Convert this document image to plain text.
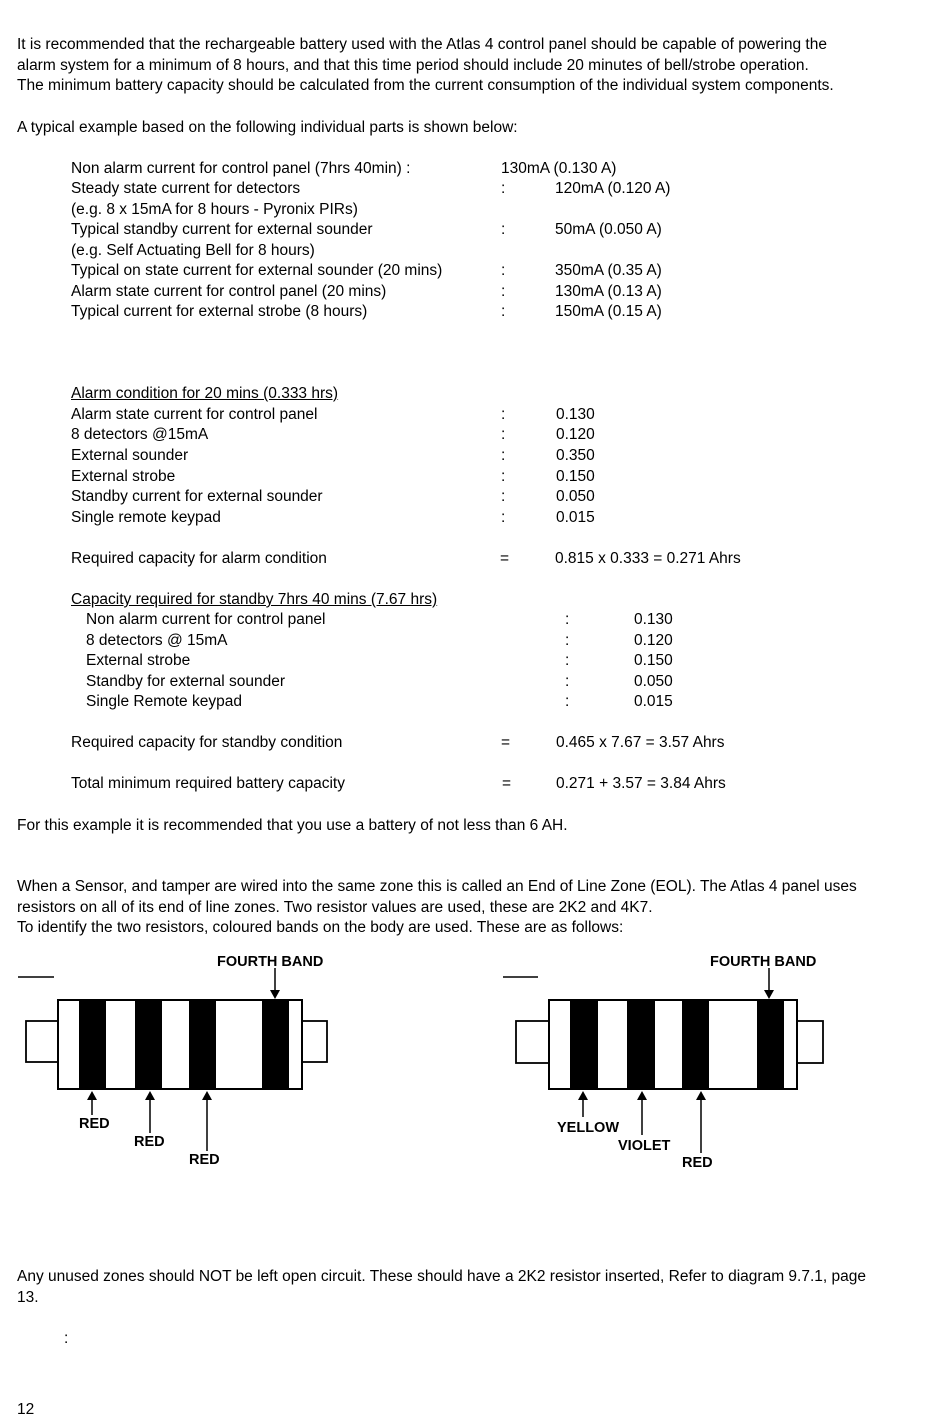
It is recommended that the rechargeable battery used with the Atlas 4 control panel should be capable of powering the
alarm system for a minimum of 8 hours, and that this time period should include 20 minutes of bell/strobe operation.
The minimum battery capacity should be calculated from the current consumption of the individual system components.
A typical example based on the following individual parts is shown below:
Non alarm current for control panel (7hrs 40min) :	130mA (0.130 A)
Steady state current for detectors	:	120mA (0.120 A)
(e.g. 8 x 15mA for 8 hours - Pyronix PIRs)
Typical standby current for external sounder	:	50mA (0.050 A)
(e.g. Self Actuating Bell for 8 hours)
Typical on state current for external sounder (20 mins)	:	350mA (0.35 A)
Alarm state current for control panel (20 mins)	:	130mA (0.13 A)
Typical current for external strobe (8 hours)	:	150mA (0.15 A)
Alarm condition for 20 mins (0.333 hrs)
Alarm state current for control panel	:	0.130
8 detectors @15mA	:	0.120
External sounder	:	0.350
External strobe	:	0.150
Standby current for external sounder	:	0.050
Single remote keypad	:	0.015
Required capacity for alarm condition	=	0.815 x 0.333 = 0.271 Ahrs
Capacity required for standby 7hrs 40 mins (7.67 hrs)
Non alarm current for control panel	:	0.130
8 detectors @ 15mA	:	0.120
External strobe	:	0.150
Standby for external sounder	:	0.050
Single Remote keypad	:	0.015
Required capacity for standby condition	=	0.465 x 7.67 = 3.57 Ahrs
Total minimum required battery capacity	=	0.271 + 3.57 = 3.84 Ahrs
For this example it is recommended that you use a battery of not less than 6 AH.
When a Sensor, and tamper are wired into the same zone this is called an End of Line Zone (EOL). The Atlas 4 panel uses
resistors on all of its end of line zones. Two resistor values are used, these are 2K2 and 4K7.
To identify the two resistors, coloured bands on the body are used. These are as follows:
FOURTH BAND
RED
RED
RED
FOURTH BAND
YELLOW
VIOLET
RED
Any unused zones should NOT be left open circuit. These should have a 2K2 resistor inserted, Refer to diagram 9.7.1, page
13.
:
12
